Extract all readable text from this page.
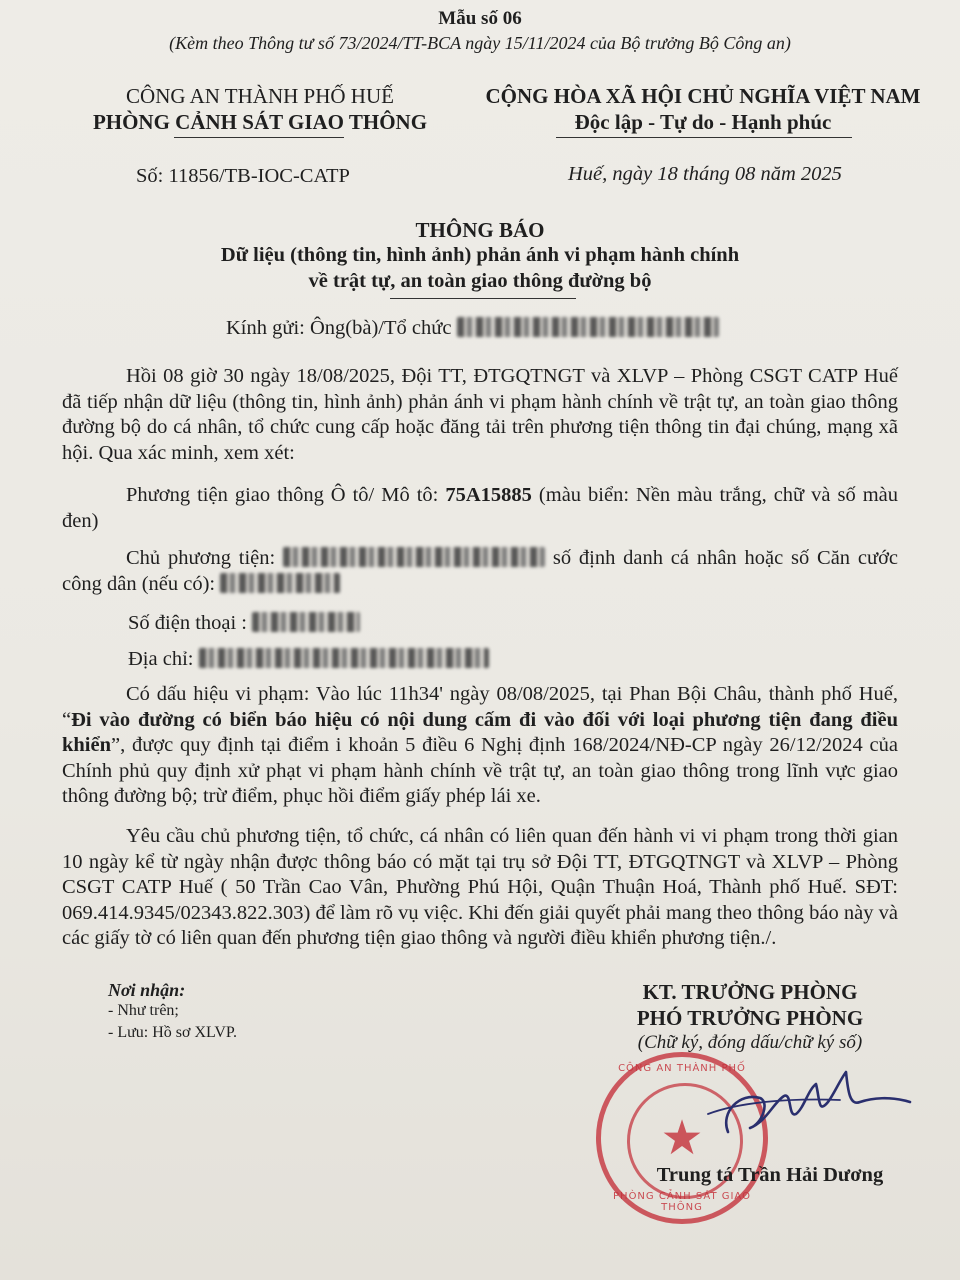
Mẫu số 06
(Kèm theo Thông tư số 73/2024/TT-BCA ngày 15/11/2024 của Bộ trưởng Bộ Công an)
CÔNG AN THÀNH PHỐ HUẾ
PHÒNG CẢNH SÁT GIAO THÔNG
CỘNG HÒA XÃ HỘI CHỦ NGHĨA VIỆT NAM
Độc lập - Tự do - Hạnh phúc
Số: 11856/TB-IOC-CATP	Huế, ngày 18 tháng 08 năm 2025
THÔNG BÁO
Dữ liệu (thông tin, hình ảnh) phản ánh vi phạm hành chính
về trật tự, an toàn giao thông đường bộ
Kính gửi: Ông(bà)/Tổ chức
Hồi 08 giờ 30 ngày 18/08/2025, Đội TT, ĐTGQTNGT và XLVP – Phòng CSGT CATP Huế đã tiếp nhận dữ liệu (thông tin, hình ảnh) phản ánh vi phạm hành chính về trật tự, an toàn giao thông đường bộ do cá nhân, tổ chức cung cấp hoặc đăng tải trên phương tiện thông tin đại chúng, mạng xã hội. Qua xác minh, xem xét:
Phương tiện giao thông Ô tô/ Mô tô: 75A15885 (màu biển: Nền màu trắng, chữ và số màu đen)
Chủ phương tiện:	số định danh cá nhân hoặc số Căn cước công dân (nếu có):
Số điện thoại :
Địa chỉ:
Có dấu hiệu vi phạm: Vào lúc 11h34' ngày 08/08/2025, tại Phan Bội Châu, thành phố Huế, “Đi vào đường có biển báo hiệu có nội dung cấm đi vào đối với loại phương tiện đang điều khiển”, được quy định tại điểm i khoản 5 điều 6 Nghị định 168/2024/NĐ-CP ngày 26/12/2024 của Chính phủ quy định xử phạt vi phạm hành chính về trật tự, an toàn giao thông trong lĩnh vực giao thông đường bộ; trừ điểm, phục hồi điểm giấy phép lái xe.
Yêu cầu chủ phương tiện, tổ chức, cá nhân có liên quan đến hành vi vi phạm trong thời gian 10 ngày kể từ ngày nhận được thông báo có mặt tại trụ sở Đội TT, ĐTGQTNGT và XLVP – Phòng CSGT CATP Huế ( 50 Trần Cao Vân, Phường Phú Hội, Quận Thuận Hoá, Thành phố Huế. SĐT: 069.414.9345/02343.822.303) để làm rõ vụ việc. Khi đến giải quyết phải mang theo thông báo này và các giấy tờ có liên quan đến phương tiện giao thông và người điều khiển phương tiện./.
Nơi nhận:
- Như trên;
- Lưu: Hồ sơ XLVP.
KT. TRƯỞNG PHÒNG
PHÓ TRƯỞNG PHÒNG
(Chữ ký, đóng dấu/chữ ký số)
CÔNG AN THÀNH PHỐ
★
PHÒNG CẢNH SÁT GIAO THÔNG
Trung tá Trần Hải Dương
